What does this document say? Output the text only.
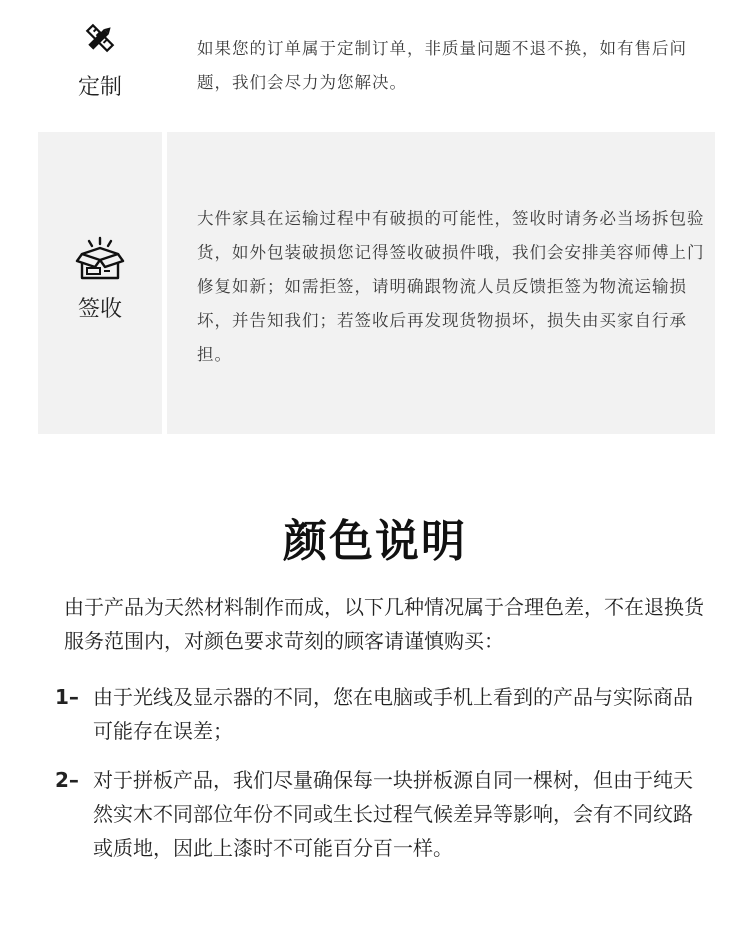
定制

如果您的订单属于定制订单，非质量问题不退不换，如有售后问题，我们会尽力为您解决。

签收

大件家具在运输过程中有破损的可能性，签收时请务必当场拆包验货，如外包装破损您记得签收破损件哦，我们会安排美容师傅上门修复如新；如需拒签，请明确跟物流人员反馈拒签为物流运输损坏，并告知我们；若签收后再发现货物损坏，损失由买家自行承担。

颜色说明

由于产品为天然材料制作而成，以下几种情况属于合理色差，不在退换货服务范围内，对颜色要求苛刻的顾客请谨慎购买：

1– 由于光线及显示器的不同，您在电脑或手机上看到的产品与实际商品可能存在误差；

2– 对于拼板产品，我们尽量确保每一块拼板源自同一棵树，但由于纯天然实木不同部位年份不同或生长过程气候差异等影响，会有不同纹路或质地，因此上漆时不可能百分百一样。
